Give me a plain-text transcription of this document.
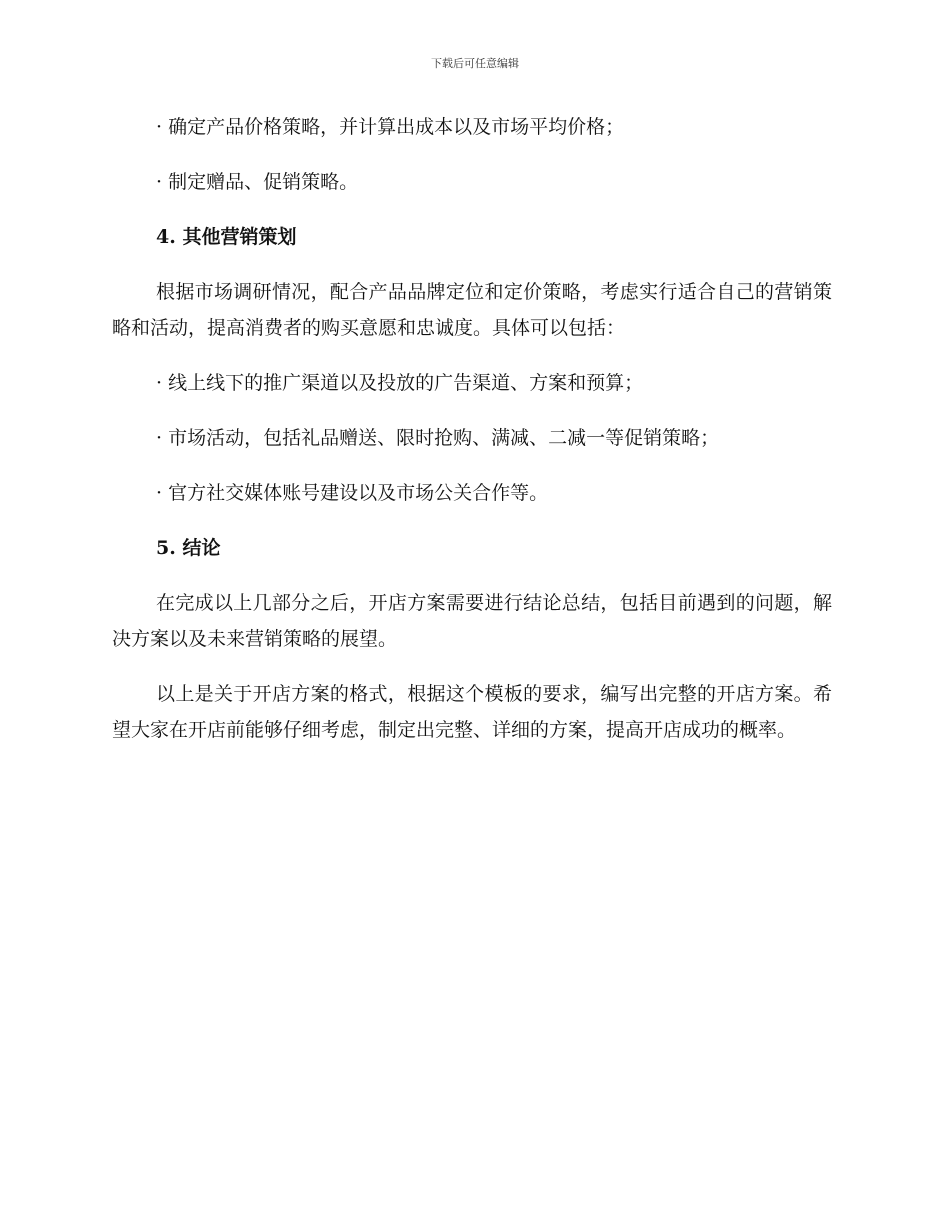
下载后可任意编辑

· 确定产品价格策略，并计算出成本以及市场平均价格；

· 制定赠品、促销策略。

4. 其他营销策划

根据市场调研情况，配合产品品牌定位和定价策略，考虑实行适合自己的营销策略和活动，提高消费者的购买意愿和忠诚度。具体可以包括：

· 线上线下的推广渠道以及投放的广告渠道、方案和预算；

· 市场活动，包括礼品赠送、限时抢购、满减、二减一等促销策略；

· 官方社交媒体账号建设以及市场公关合作等。

5. 结论

在完成以上几部分之后，开店方案需要进行结论总结，包括目前遇到的问题，解决方案以及未来营销策略的展望。

以上是关于开店方案的格式，根据这个模板的要求，编写出完整的开店方案。希望大家在开店前能够仔细考虑，制定出完整、详细的方案，提高开店成功的概率。
